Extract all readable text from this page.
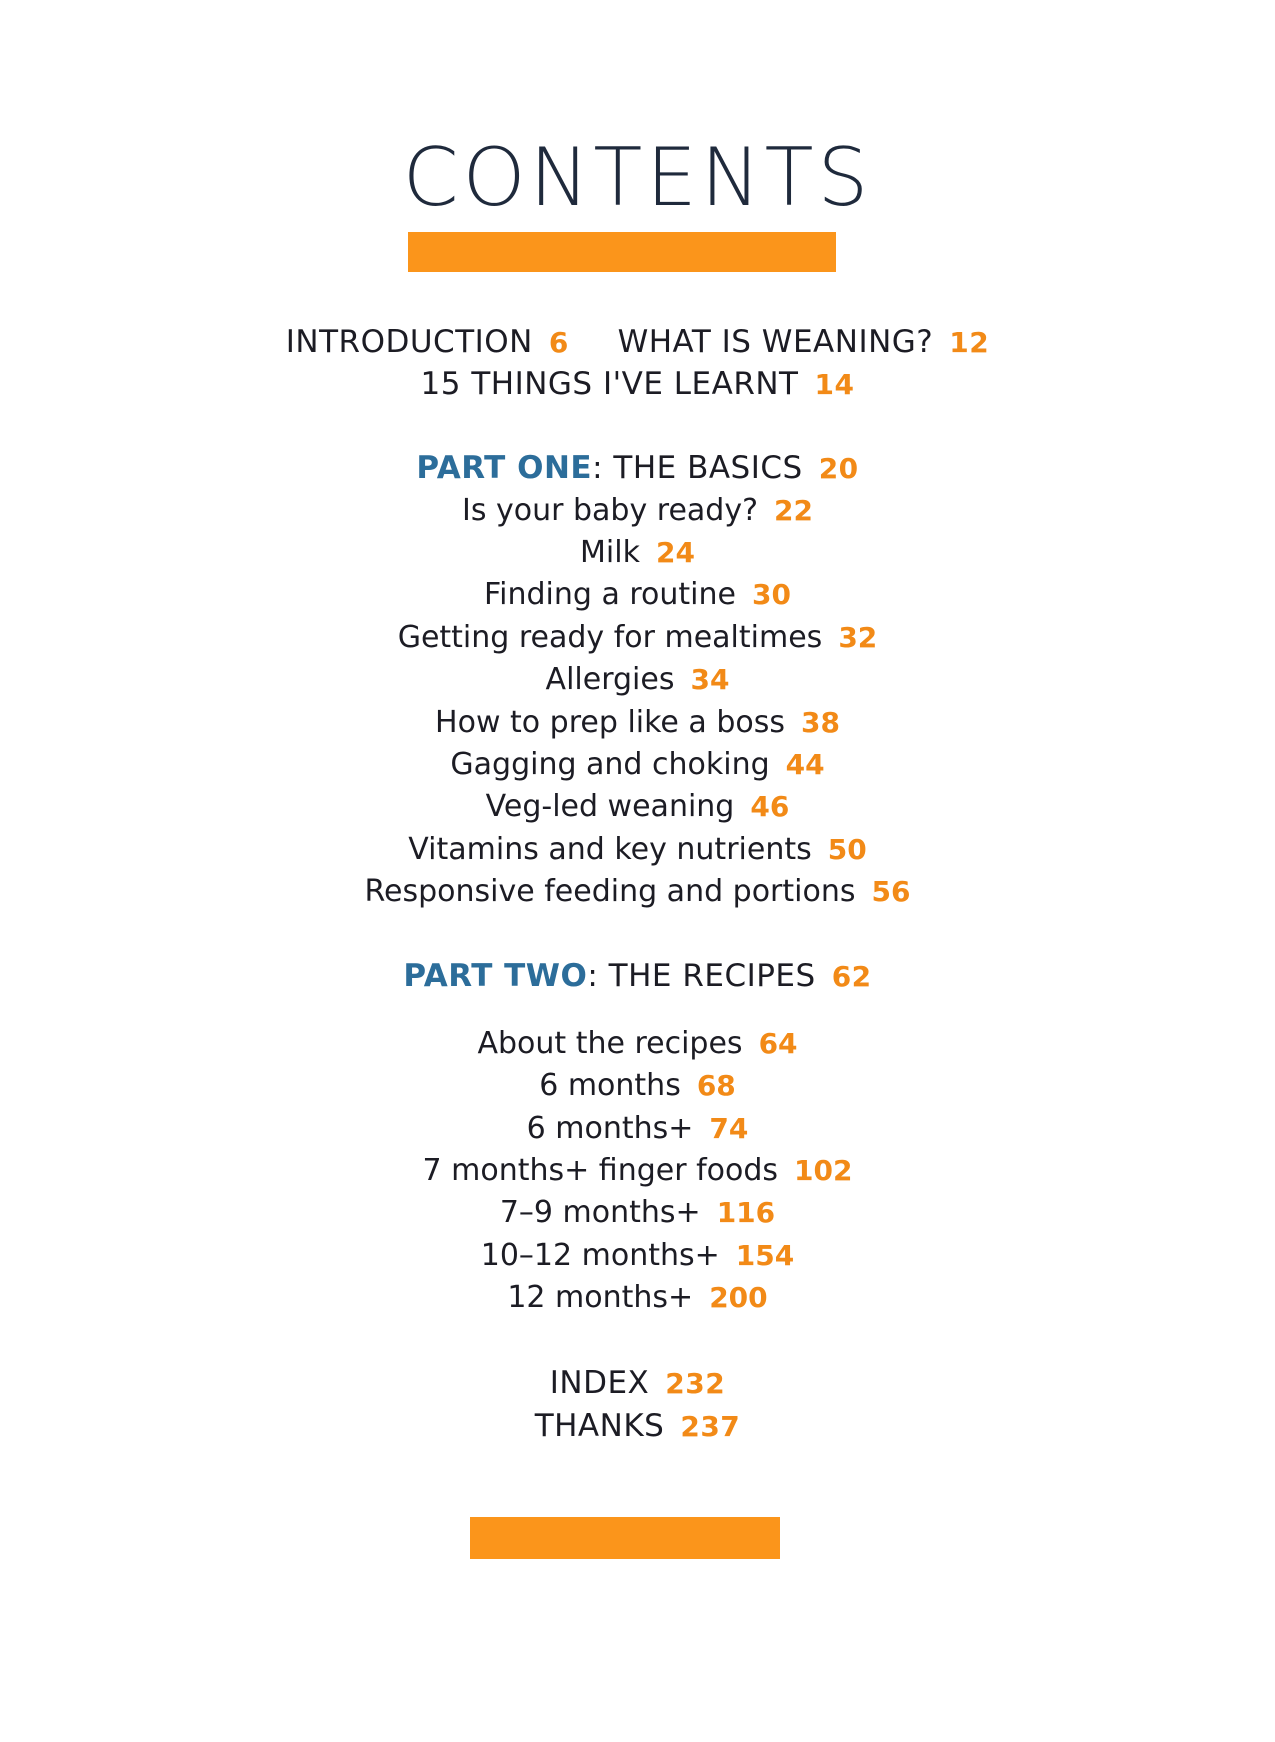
CONTENTS
INTRODUCTION 6 WHAT IS WEANING? 12
15 THINGS I'VE LEARNT 14
PART ONE: THE BASICS 20
Is your baby ready? 22
Milk 24
Finding a routine 30
Getting ready for mealtimes 32
Allergies 34
How to prep like a boss 38
Gagging and choking 44
Veg-led weaning 46
Vitamins and key nutrients 50
Responsive feeding and portions 56
PART TWO: THE RECIPES 62
About the recipes 64
6 months 68
6 months+ 74
7 months+ finger foods 102
7–9 months+ 116
10–12 months+ 154
12 months+ 200
INDEX 232
THANKS 237
